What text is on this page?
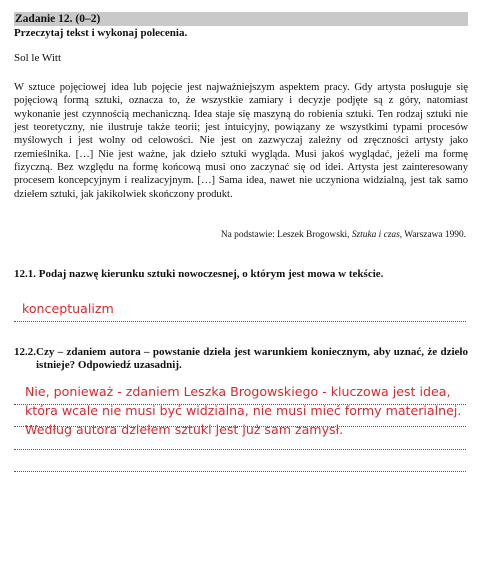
Zadanie 12. (0–2)
Przeczytaj tekst i wykonaj polecenia.
Sol le Witt

W sztuce pojęciowej idea lub pojęcie jest najważniejszym aspektem pracy. Gdy artysta posługuje się pojęciową formą sztuki, oznacza to, że wszystkie zamiary i decyzje podjęte są z góry, natomiast wykonanie jest czynnością mechaniczną. Idea staje się maszyną do robienia sztuki. Ten rodzaj sztuki nie jest teoretyczny, nie ilustruje także teorii; jest intuicyjny, powiązany ze wszystkimi typami procesów myślowych i jest wolny od celowości. Nie jest on zazwyczaj zależny od zręczności artysty jako rzemieślnika. […] Nie jest ważne, jak dzieło sztuki wygląda. Musi jakoś wyglądać, jeżeli ma formę fizyczną. Bez względu na formę końcową musi ono zaczynać się od idei. Artysta jest zainteresowany procesem koncepcyjnym i realizacyjnym. […] Sama idea, nawet nie uczyniona widzialną, jest tak samo dziełem sztuki, jak jakikolwiek skończony produkt.

Na podstawie: Leszek Brogowski, Sztuka i czas, Warszawa 1990.
12.1. Podaj nazwę kierunku sztuki nowoczesnej, o którym jest mowa w tekście.
konceptualizm
12.2. Czy – zdaniem autora – powstanie dzieła jest warunkiem koniecznym, aby uznać, że dzieło istnieje? Odpowiedź uzasadnij.
Nie, ponieważ - zdaniem Leszka Brogowskiego - kluczowa jest idea,
która wcale nie musi być widzialna, nie musi mieć formy materialnej.
Według autora dziełem sztuki jest już sam zamysł.
